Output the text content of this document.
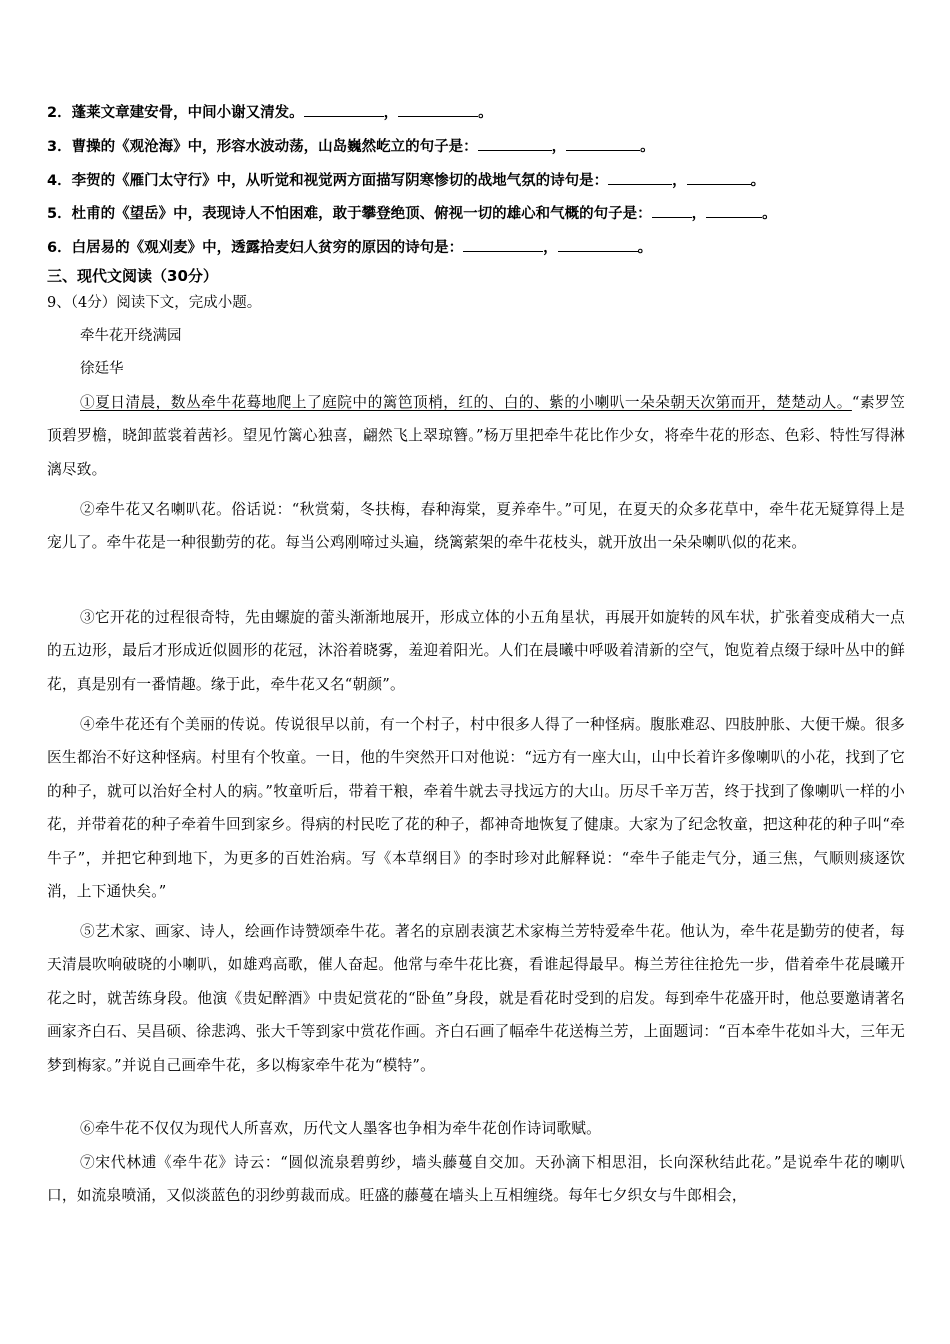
2．蓬莱文章建安骨，中间小谢又清发。	，	。
3．曹操的《观沧海》中，形容水波动荡，山岛巍然屹立的句子是：	，	。
4．李贺的《雁门太守行》中，从听觉和视觉两方面描写阴寒惨切的战地气氛的诗句是：	，	。
5．杜甫的《望岳》中，表现诗人不怕困难，敢于攀登绝顶、俯视一切的雄心和气概的句子是：	，	。
6．白居易的《观刈麦》中，透露拾麦妇人贫穷的原因的诗句是：	，	。
三、现代文阅读（30分）
9、（4分）阅读下文，完成小题。
牵牛花开绕满园
徐廷华
①夏日清晨，数丛牵牛花蓦地爬上了庭院中的篱笆顶梢，红的、白的、紫的小喇叭一朵朵朝天次第而开，楚楚动人。“素罗笠顶碧罗檐，晓卸蓝裳着茜衫。望见竹篱心独喜，翩然飞上翠琼簪。”杨万里把牵牛花比作少女，将牵牛花的形态、色彩、特性写得淋漓尽致。
②牵牛花又名喇叭花。俗话说：“秋赏菊，冬扶梅，春种海棠，夏养牵牛。”可见，在夏天的众多花草中，牵牛花无疑算得上是宠儿了。牵牛花是一种很勤劳的花。每当公鸡刚啼过头遍，绕篱萦架的牵牛花枝头，就开放出一朵朵喇叭似的花来。
③它开花的过程很奇特，先由螺旋的蕾头渐渐地展开，形成立体的小五角星状，再展开如旋转的风车状，扩张着变成稍大一点的五边形，最后才形成近似圆形的花冠，沐浴着晓雾，羞迎着阳光。人们在晨曦中呼吸着清新的空气，饱览着点缀于绿叶丛中的鲜花，真是别有一番情趣。缘于此，牵牛花又名“朝颜”。
④牵牛花还有个美丽的传说。传说很早以前，有一个村子，村中很多人得了一种怪病。腹胀难忍、四肢肿胀、大便干燥。很多医生都治不好这种怪病。村里有个牧童。一日，他的牛突然开口对他说：“远方有一座大山，山中长着许多像喇叭的小花，找到了它的种子，就可以治好全村人的病。”牧童听后，带着干粮，牵着牛就去寻找远方的大山。历尽千辛万苦，终于找到了像喇叭一样的小花，并带着花的种子牵着牛回到家乡。得病的村民吃了花的种子，都神奇地恢复了健康。大家为了纪念牧童，把这种花的种子叫“牵牛子”，并把它种到地下，为更多的百姓治病。写《本草纲目》的李时珍对此解释说：“牵牛子能走气分，通三焦，气顺则痰逐饮消，上下通快矣。”
⑤艺术家、画家、诗人，绘画作诗赞颂牵牛花。著名的京剧表演艺术家梅兰芳特爱牵牛花。他认为，牵牛花是勤劳的使者，每天清晨吹响破晓的小喇叭，如雄鸡高歌，催人奋起。他常与牵牛花比赛，看谁起得最早。梅兰芳往往抢先一步，借着牵牛花晨曦开花之时，就苦练身段。他演《贵妃醉酒》中贵妃赏花的“卧鱼”身段，就是看花时受到的启发。每到牵牛花盛开时，他总要邀请著名画家齐白石、吴昌硕、徐悲鸿、张大千等到家中赏花作画。齐白石画了幅牵牛花送梅兰芳，上面题词：“百本牵牛花如斗大，三年无梦到梅家。”并说自己画牵牛花，多以梅家牵牛花为“模特”。
⑥牵牛花不仅仅为现代人所喜欢，历代文人墨客也争相为牵牛花创作诗词歌赋。
⑦宋代林逋《牵牛花》诗云：“圆似流泉碧剪纱，墙头藤蔓自交加。天孙滴下相思泪，长向深秋结此花。”是说牵牛花的喇叭口，如流泉喷涌，又似淡蓝色的羽纱剪裁而成。旺盛的藤蔓在墙头上互相缠绕。每年七夕织女与牛郎相会，
